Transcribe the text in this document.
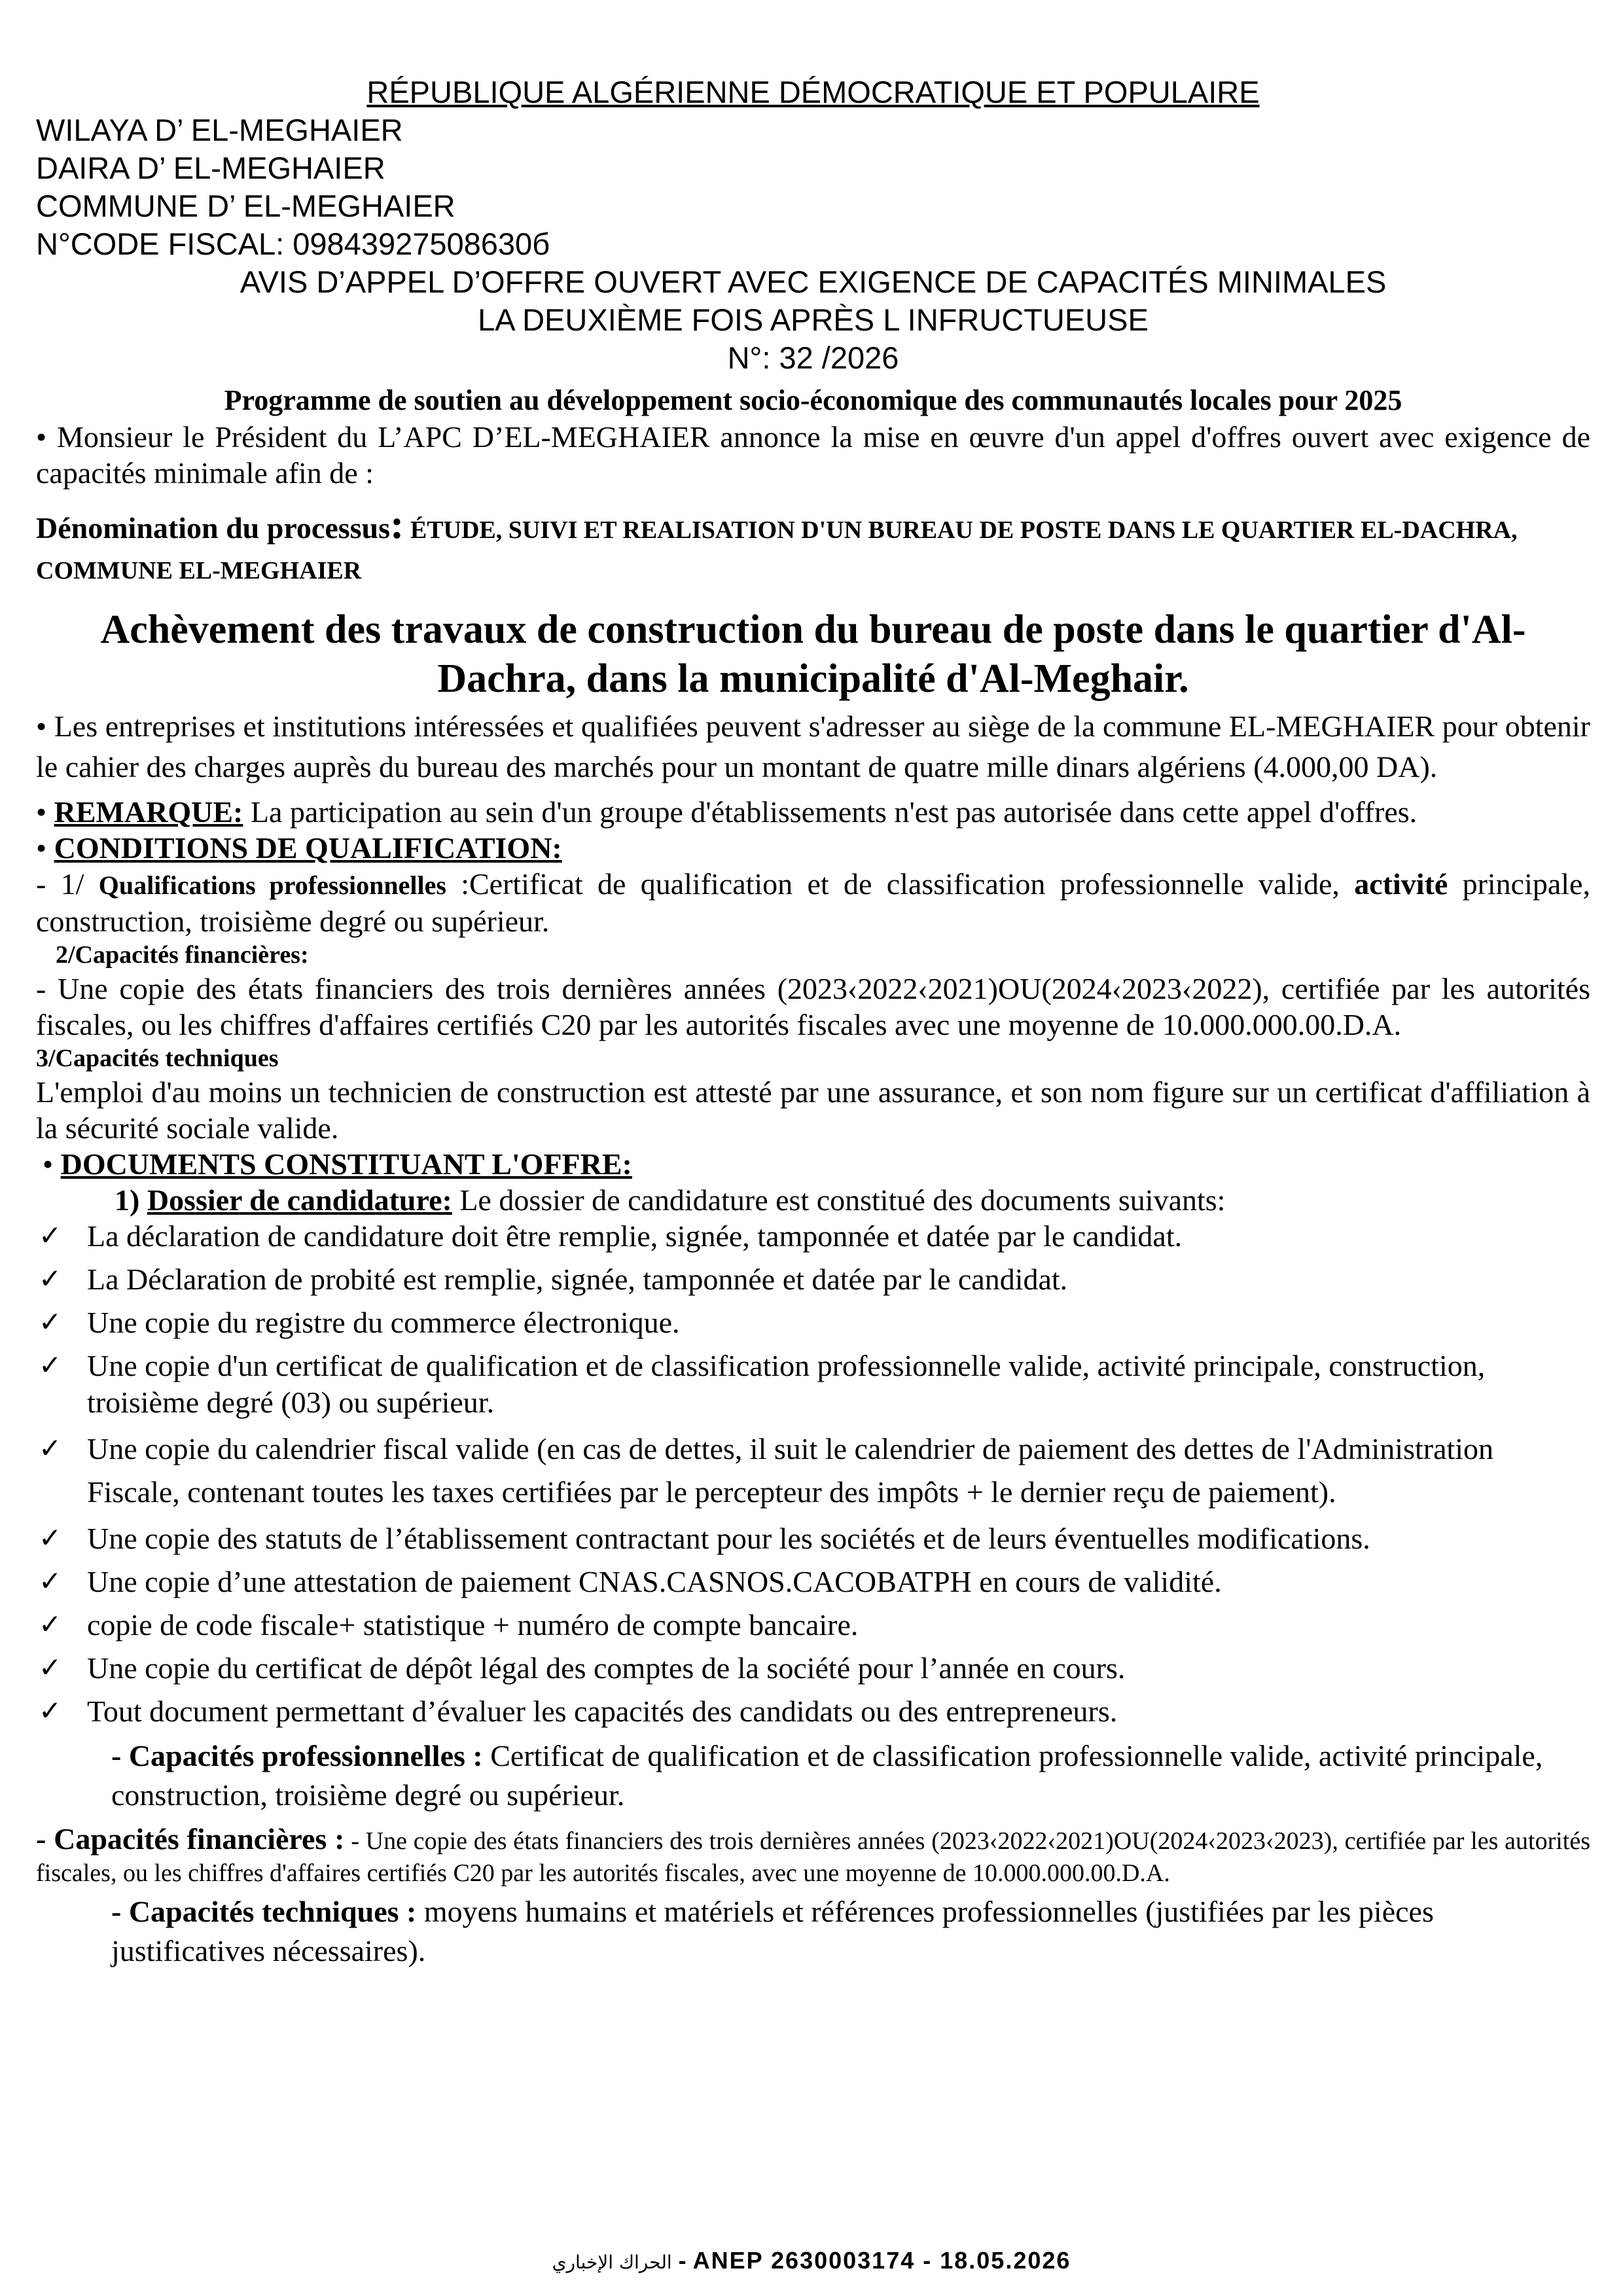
RÉPUBLIQUE ALGÉRIENNE DÉMOCRATIQUE ET POPULAIRE
WILAYA D’ EL-MEGHAIER
DAIRA D’ EL-MEGHAIER
COMMUNE D’ EL-MEGHAIER
N°CODE FISCAL: 09843927508630б
AVIS D’APPEL D’OFFRE OUVERT AVEC EXIGENCE DE CAPACITÉS MINIMALES
LA DEUXIÈME FOIS APRÈS L INFRUCTUEUSE
N°: 32 /2026
Programme de soutien au développement socio-économique des communautés locales pour 2025

• Monsieur le Président du L’APC D’EL-MEGHAIER annonce la mise en œuvre d'un appel d'offres ouvert avec exigence de capacités minimale afin de :

Dénomination du processus: ÉTUDE, SUIVI ET REALISATION D'UN BUREAU DE POSTE DANS LE QUARTIER EL-DACHRA, COMMUNE EL-MEGHAIER
Achèvement des travaux de construction du bureau de poste dans le quartier d'Al-Dachra, dans la municipalité d'Al-Meghair.

• Les entreprises et institutions intéressées et qualifiées peuvent s'adresser au siège de la commune EL-MEGHAIER pour obtenir le cahier des charges auprès du bureau des marchés pour un montant de quatre mille dinars algériens (4.000,00 DA).

• REMARQUE: La participation au sein d'un groupe d'établissements n'est pas autorisée dans cette appel d'offres.

• CONDITIONS DE QUALIFICATION:

- 1/ Qualifications professionnelles :Certificat de qualification et de classification professionnelle valide, activité principale, construction, troisième degré ou supérieur.

2/Capacités financières:

- Une copie des états financiers des trois dernières années (2023‹2022‹2021)OU(2024‹2023‹2022), certifiée par les autorités fiscales, ou les chiffres d'affaires certifiés C20 par les autorités fiscales avec une moyenne de 10.000.000.00.D.A.

3/Capacités techniques

L'emploi d'au moins un technicien de construction est attesté par une assurance, et son nom figure sur un certificat d'affiliation à la sécurité sociale valide.

• DOCUMENTS CONSTITUANT L'OFFRE:

1) Dossier de candidature: Le dossier de candidature est constitué des documents suivants:

✓ La déclaration de candidature doit être remplie, signée, tamponnée et datée par le candidat.
✓ La Déclaration de probité est remplie, signée, tamponnée et datée par le candidat.
✓ Une copie du registre du commerce électronique.
✓ Une copie d'un certificat de qualification et de classification professionnelle valide, activité principale, construction, troisième degré (03) ou supérieur.
✓ Une copie du calendrier fiscal valide (en cas de dettes, il suit le calendrier de paiement des dettes de l'Administration Fiscale, contenant toutes les taxes certifiées par le percepteur des impôts + le dernier reçu de paiement).
✓ Une copie des statuts de l’établissement contractant pour les sociétés et de leurs éventuelles modifications.
✓ Une copie d’une attestation de paiement CNAS.CASNOS.CACOBATPH en cours de validité.
✓ copie de code fiscale+ statistique + numéro de compte bancaire.
✓ Une copie du certificat de dépôt légal des comptes de la société pour l’année en cours.
✓ Tout document permettant d’évaluer les capacités des candidats ou des entrepreneurs.

- Capacités professionnelles : Certificat de qualification et de classification professionnelle valide, activité principale, construction, troisième degré ou supérieur.

- Capacités financières : - Une copie des états financiers des trois dernières années (2023‹2022‹2021)OU(2024‹2023‹2023), certifiée par les autorités fiscales, ou les chiffres d'affaires certifiés C20 par les autorités fiscales, avec une moyenne de 10.000.000.00.D.A.

- Capacités techniques : moyens humains et matériels et références professionnelles (justifiées par les pièces justificatives nécessaires).

الحراك الإخباري - ANEP 2630003174 - 18.05.2026
